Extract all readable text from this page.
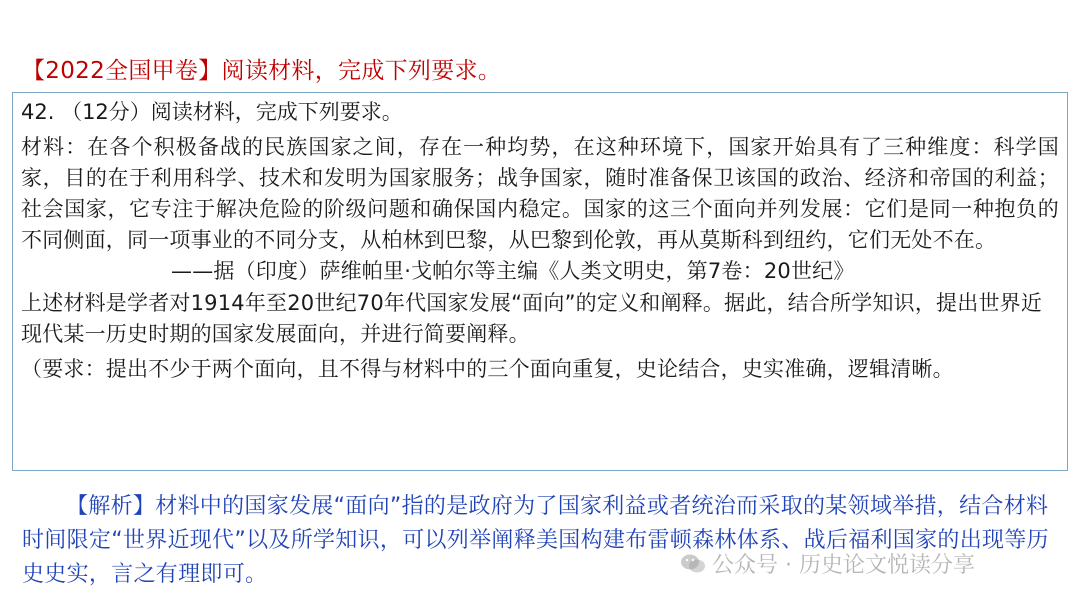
【2022全国甲卷】阅读材料，完成下列要求。

42. （12分）阅读材料，完成下列要求。

材料：在各个积极备战的民族国家之间，存在一种均势，在这种环境下，国家开始具有了三种维度：科学国家，目的在于利用科学、技术和发明为国家服务；战争国家，随时准备保卫该国的政治、经济和帝国的利益；社会国家，它专注于解决危险的阶级问题和确保国内稳定。国家的这三个面向并列发展：它们是同一种抱负的不同侧面，同一项事业的不同分支，从柏林到巴黎，从巴黎到伦敦，再从莫斯科到纽约，它们无处不在。

——据（印度）萨维帕里·戈帕尔等主编《人类文明史，第7卷：20世纪》

上述材料是学者对1914年至20世纪70年代国家发展“面向”的定义和阐释。据此，结合所学知识，提出世界近现代某一历史时期的国家发展面向，并进行简要阐释。

（要求：提出不少于两个面向，且不得与材料中的三个面向重复，史论结合，史实准确，逻辑清晰。

【解析】材料中的国家发展“面向”指的是政府为了国家利益或者统治而采取的某领域举措，结合材料时间限定“世界近现代”以及所学知识，可以列举阐释美国构建布雷顿森林体系、战后福利国家的出现等历史史实，言之有理即可。	公众号 · 历史论文悦读分享
